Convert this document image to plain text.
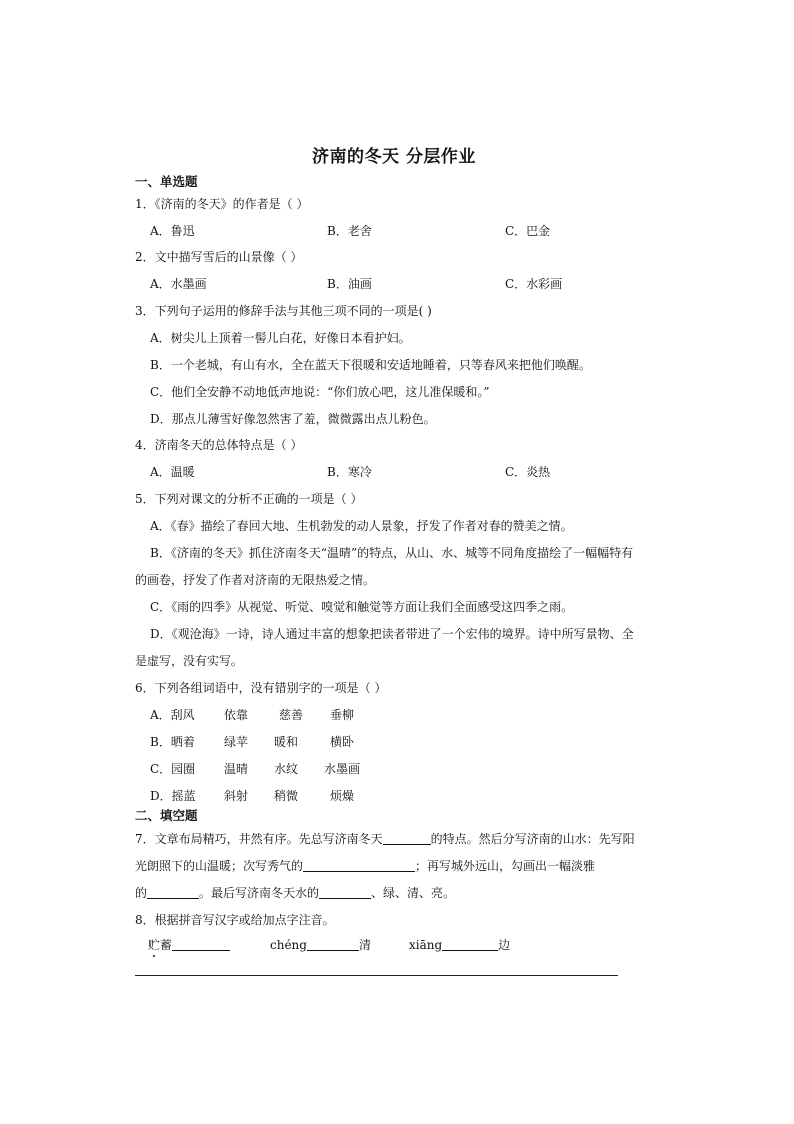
济南的冬天 分层作业
一、单选题
1．《济南的冬天》的作者是（ ）
A．鲁迅	B．老舍	C．巴金
2．文中描写雪后的山景像（ ）
A．水墨画	B．油画	C．水彩画
3．下列句子运用的修辞手法与其他三项不同的一项是( )
A．树尖儿上顶着一髻儿白花，好像日本看护妇。
B．一个老城，有山有水，全在蓝天下很暖和安适地睡着，只等春风来把他们唤醒。
C．他们全安静不动地低声地说：“你们放心吧，这儿准保暖和。”
D．那点儿薄雪好像忽然害了羞，微微露出点儿粉色。
4．济南冬天的总体特点是（ ）
A．温暖	B．寒冷	C．炎热
5．下列对课文的分析不正确的一项是（ ）
A．《春》描绘了春回大地、生机勃发的动人景象，抒发了作者对春的赞美之情。
B．《济南的冬天》抓住济南冬天“温晴”的特点，从山、水、城等不同角度描绘了一幅幅特有
的画卷，抒发了作者对济南的无限热爱之情。
C．《雨的四季》从视觉、听觉、嗅觉和触觉等方面让我们全面感受这四季之雨。
D．《观沧海》一诗，诗人通过丰富的想象把读者带进了一个宏伟的境界。诗中所写景物、全
是虚写，没有实写。
6．下列各组词语中，没有错别字的一项是（ ）
A．刮风 依靠	慈善 垂柳
B．晒着 绿苹 暖和	横卧
C．园圈 温晴 水纹 水墨画
D．摇蓝 斜射 稍微	烦燥
二、填空题
7．文章布局精巧，井然有序。先总写济南冬天	的特点。然后分写济南的山水：先写阳
光朗照下的山温暖；次写秀气的	；再写城外远山，勾画出一幅淡雅
的	。最后写济南冬天水的	、绿、清、亮。
8．根据拼音写汉字或给加点字注音。
贮蓄	chéng	清	xiāng	边
